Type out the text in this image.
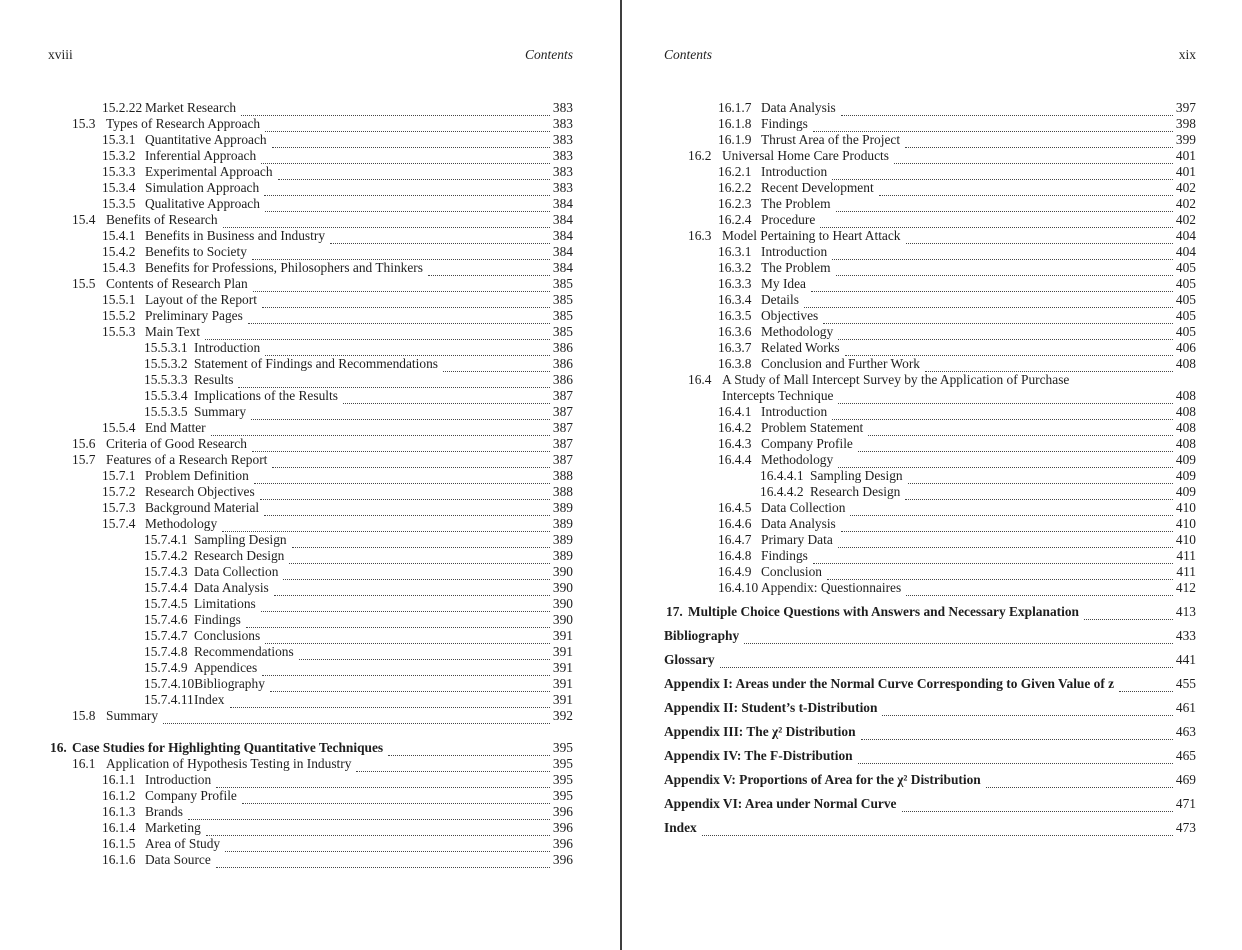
xviii	Contents
15.2.22 Market Research	383
15.3 Types of Research Approach	383
15.3.1 Quantitative Approach	383
15.3.2 Inferential Approach	383
15.3.3 Experimental Approach	383
15.3.4 Simulation Approach	383
15.3.5 Qualitative Approach	384
15.4 Benefits of Research	384
15.4.1 Benefits in Business and Industry	384
15.4.2 Benefits to Society	384
15.4.3 Benefits for Professions, Philosophers and Thinkers	384
15.5 Contents of Research Plan	385
15.5.1 Layout of the Report	385
15.5.2 Preliminary Pages	385
15.5.3 Main Text	385
15.5.3.1 Introduction	386
15.5.3.2 Statement of Findings and Recommendations	386
15.5.3.3 Results	386
15.5.3.4 Implications of the Results	387
15.5.3.5 Summary	387
15.5.4 End Matter	387
15.6 Criteria of Good Research	387
15.7 Features of a Research Report	387
15.7.1 Problem Definition	388
15.7.2 Research Objectives	388
15.7.3 Background Material	389
15.7.4 Methodology	389
15.7.4.1 Sampling Design	389
15.7.4.2 Research Design	389
15.7.4.3 Data Collection	390
15.7.4.4 Data Analysis	390
15.7.4.5 Limitations	390
15.7.4.6 Findings	390
15.7.4.7 Conclusions	391
15.7.4.8 Recommendations	391
15.7.4.9 Appendices	391
15.7.4.10 Bibliography	391
15.7.4.11 Index	391
15.8 Summary	392
16. Case Studies for Highlighting Quantitative Techniques	395
16.1 Application of Hypothesis Testing in Industry	395
16.1.1 Introduction	395
16.1.2 Company Profile	395
16.1.3 Brands	396
16.1.4 Marketing	396
16.1.5 Area of Study	396
16.1.6 Data Source	396
Contents	xix
16.1.7 Data Analysis	397
16.1.8 Findings	398
16.1.9 Thrust Area of the Project	399
16.2 Universal Home Care Products	401
16.2.1 Introduction	401
16.2.2 Recent Development	402
16.2.3 The Problem	402
16.2.4 Procedure	402
16.3 Model Pertaining to Heart Attack	404
16.3.1 Introduction	404
16.3.2 The Problem	405
16.3.3 My Idea	405
16.3.4 Details	405
16.3.5 Objectives	405
16.3.6 Methodology	405
16.3.7 Related Works	406
16.3.8 Conclusion and Further Work	408
16.4 A Study of Mall Intercept Survey by the Application of Purchase
Intercepts Technique	408
16.4.1 Introduction	408
16.4.2 Problem Statement	408
16.4.3 Company Profile	408
16.4.4 Methodology	409
16.4.4.1 Sampling Design	409
16.4.4.2 Research Design	409
16.4.5 Data Collection	410
16.4.6 Data Analysis	410
16.4.7 Primary Data	410
16.4.8 Findings	411
16.4.9 Conclusion	411
16.4.10 Appendix: Questionnaires	412
17. Multiple Choice Questions with Answers and Necessary Explanation	413
Bibliography	433
Glossary	441
Appendix I: Areas under the Normal Curve Corresponding to Given Value of z	455
Appendix II: Student’s t-Distribution	461
Appendix III: The χ² Distribution	463
Appendix IV: The F-Distribution	465
Appendix V: Proportions of Area for the χ² Distribution	469
Appendix VI: Area under Normal Curve	471
Index	473
